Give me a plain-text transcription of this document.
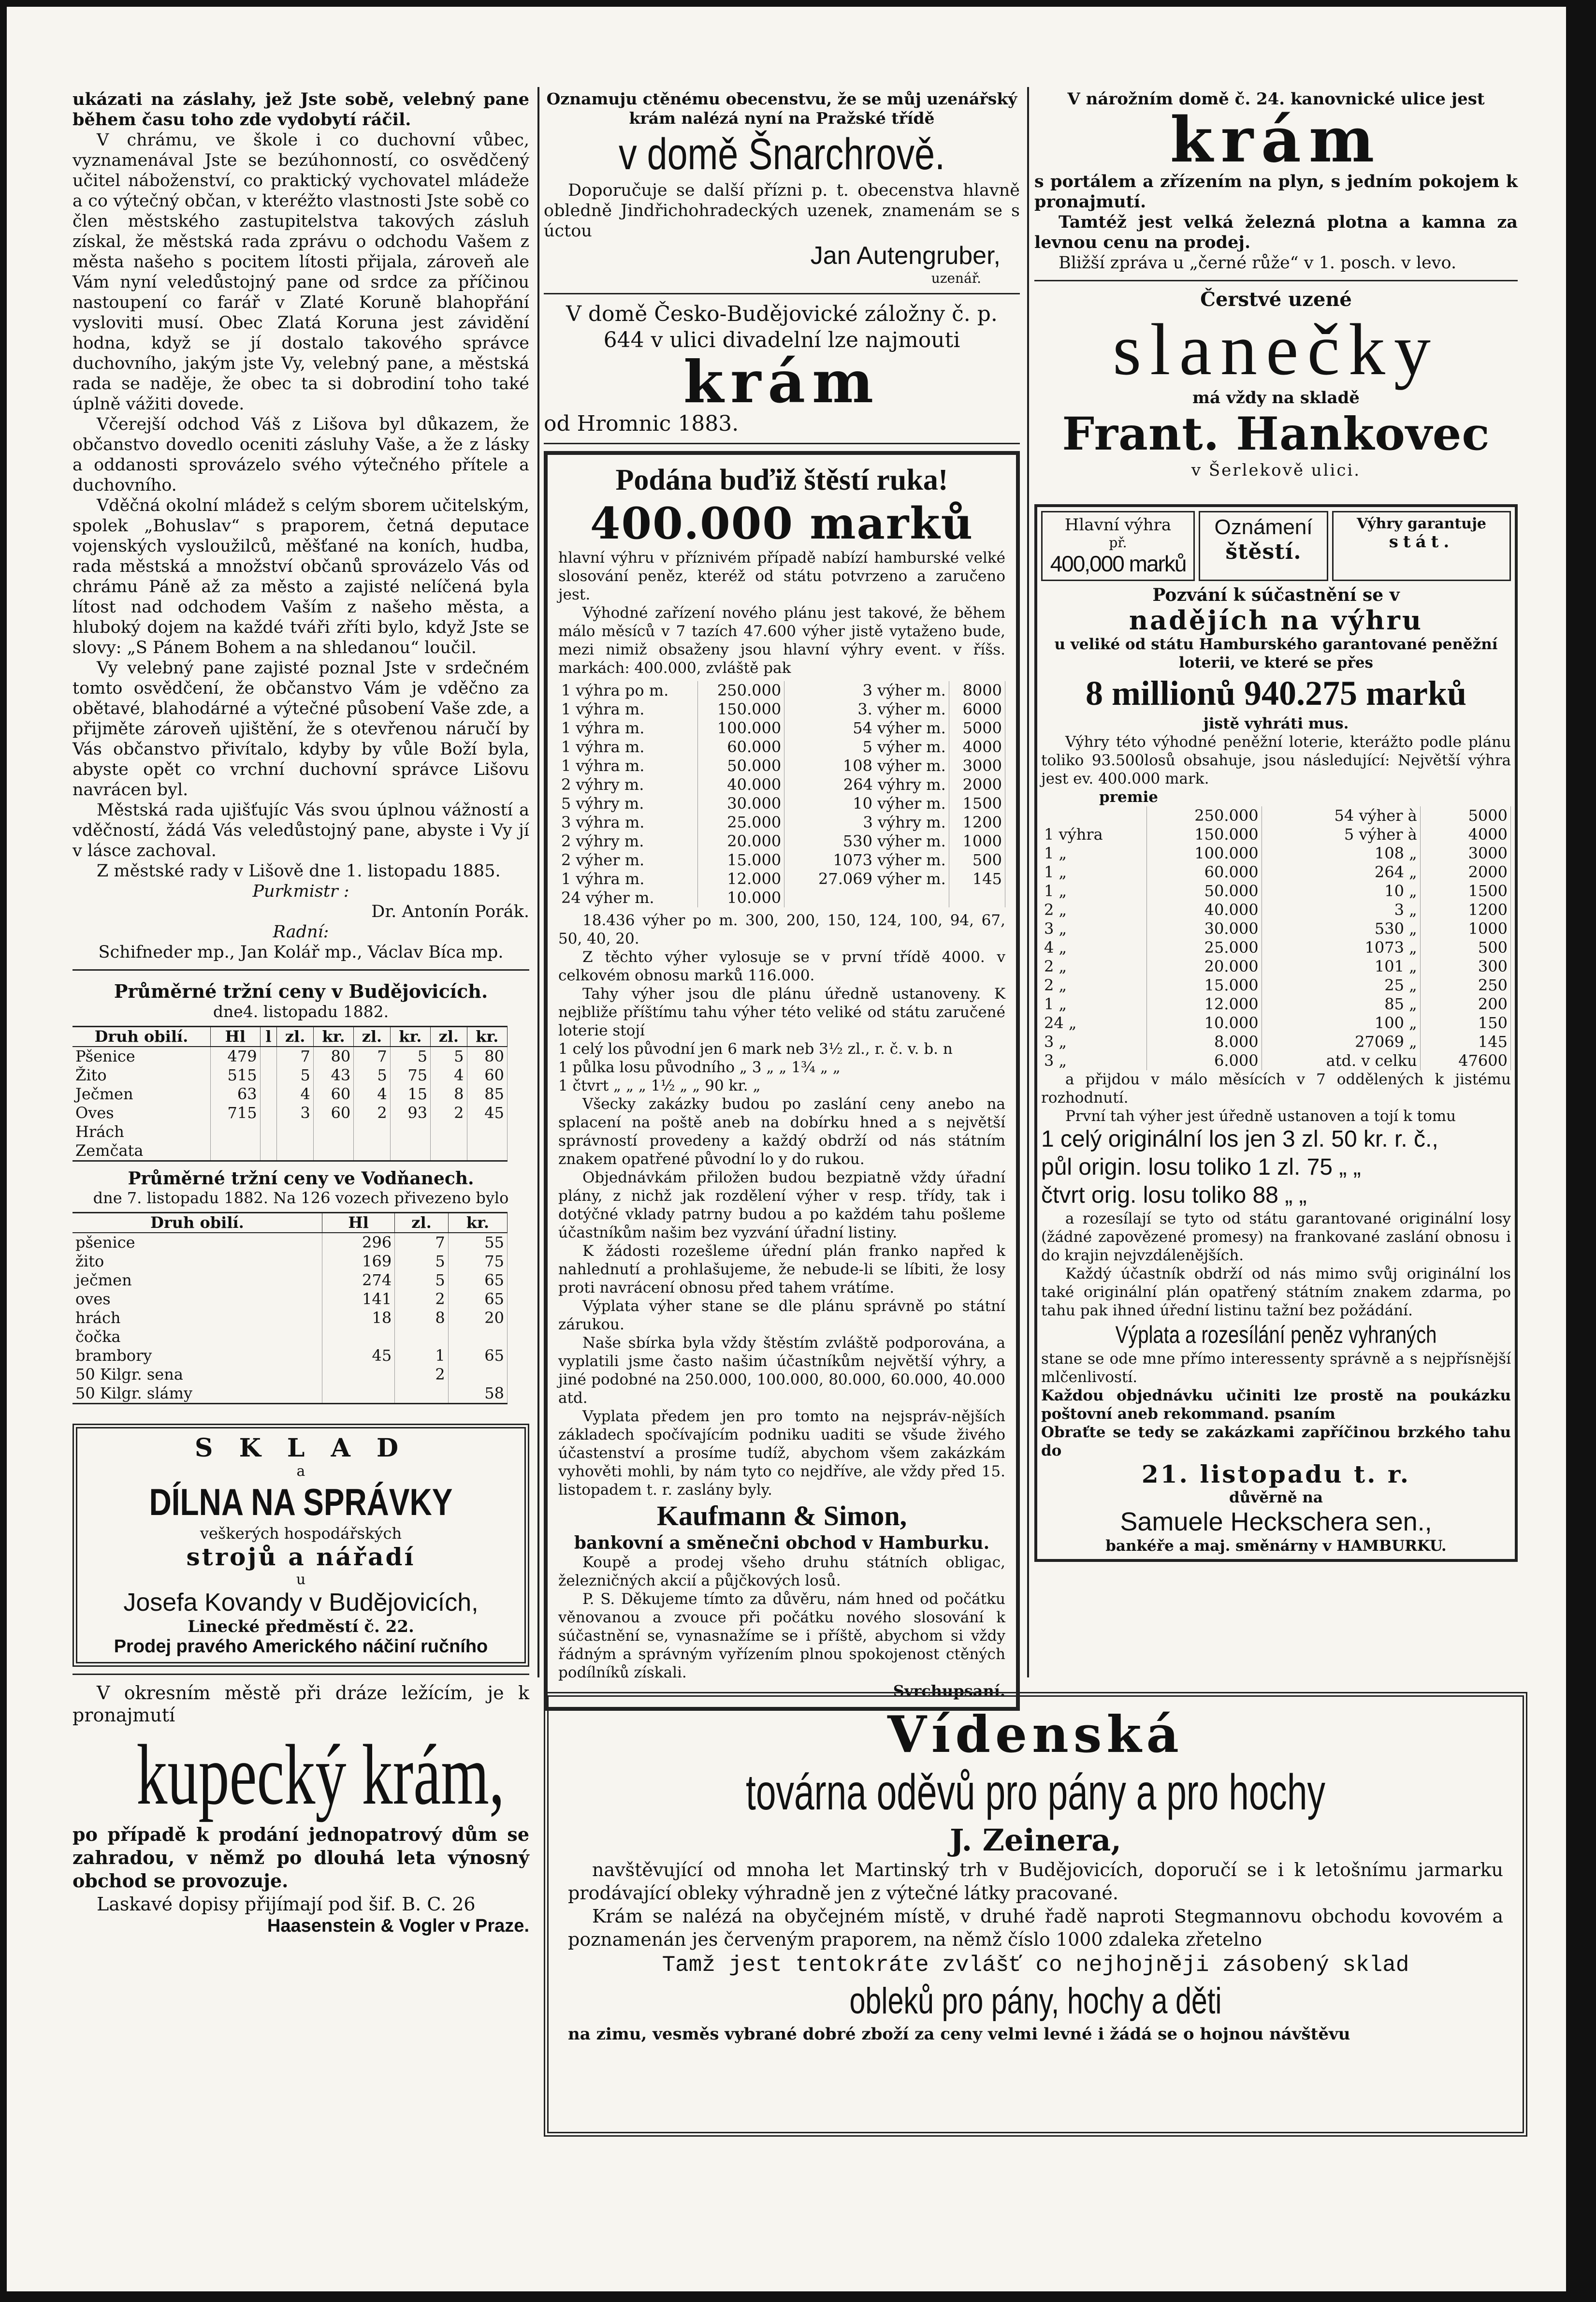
ukázati na záslahy, jež Jste sobě, velebný pane během času toho zde vydobytí ráčil.

V chrámu, ve škole i co duchovní vůbec, vyznamenával Jste se bezúhonností, co osvědčený učitel náboženství, co praktický vychovatel mládeže a co výtečný občan, v kteréžto vlastnosti Jste sobě co člen městského zastupitelstva takových zásluh získal, že městská rada zprávu o odchodu Vašem z města našeho s pocitem lítosti přijala, zároveň ale Vám nyní veledůstojný pane od srdce za příčinou nastoupení co farář v Zlaté Koruně blahopřání vysloviti musí. Obec Zlatá Koruna jest závidění hodna, když se jí dostalo takového správce duchovního, jakým jste Vy, velebný pane, a městská rada se naděje, že obec ta si dobrodiní toho také úplně vážiti dovede.

Včerejší odchod Váš z Lišova byl důkazem, že občanstvo dovedlo oceniti zásluhy Vaše, a že z lásky a oddanosti sprovázelo svého výtečného přítele a duchovního.

Vděčná okolní mládež s celým sborem učitelským, spolek „Bohuslav“ s praporem, četná deputace vojenských vysloužilců, měšťané na koních, hudba, rada městská a množství občanů sprovázelo Vás od chrámu Páně až za město a zajisté nelíčená byla lítost nad odchodem Vaším z našeho města, a hluboký dojem na každé tváři zříti bylo, když Jste se slovy: „S Pánem Bohem a na shledanou“ loučil.

Vy velebný pane zajisté poznal Jste v srdečném tomto osvědčení, že občanstvo Vám je vděčno za obětavé, blahodárné a výtečné působení Vaše zde, a přijměte zároveň ujištění, že s otevřenou náručí by Vás občanstvo přivítalo, kdyby by vůle Boží byla, abyste opět co vrchní duchovní správce Lišovu navrácen byl.

Městská rada ujišťujíc Vás svou úplnou vážností a vděčností, žádá Vás veledůstojný pane, abyste i Vy jí v lásce zachoval.

Z městské rady v Lišově dne 1. listopadu 1885.

Purkmistr :

Dr. Antonín Porák.

Radní:

Schifneder mp., Jan Kolář mp., Václav Bíca mp.

Průměrné tržní ceny v Budějovicích.

dne4. listopadu 1882.

Druh obilí.	Hl	l	zl.	kr.	zl.	kr.	zl.	kr.
Pšenice	479		7	80	7	5	5	80
Žito	515		5	43	5	75	4	60
Ječmen	63		4	60	4	15	8	85
Oves	715		3	60	2	93	2	45
Hrách								
Zemčata								

Průměrné tržní ceny ve Vodňanech.

dne 7. listopadu 1882. Na 126 vozech přivezeno bylo

Druh obilí.	Hl	zl.	kr.
pšenice	296	7	55
žito	169	5	75
ječmen	274	5	65
oves	141	2	65
hrách	18	8	20
čočka			
brambory	45	1	65
50 Kilgr. sena		2	
50 Kilgr. slámy			58

S K L A D

a

DÍLNA NA SPRÁVKY

veškerých hospodářských

strojů a nářadí

u

Josefa Kovandy v Budějovicích,

Linecké předměstí č. 22.

Prodej pravého Amerického náčiní ručního

V okresním městě při dráze ležícím, je k pronajmutí

kupecký krám,

po případě k prodání jednopatrový dům se zahradou, v němž po dlouhá leta výnosný obchod se provozuje.

Laskavé dopisy přijímají pod šif. B. C. 26

Haasenstein & Vogler v Praze.

Oznamuju ctěnému obecenstvu, že se můj uzenářský krám nalézá nyní na Pražské třídě

v domě Šnarchrově.

Doporučuje se další přízni p. t. obecenstva hlavně obledně Jindřichohradeckých uzenek, znamenám se s úctou

Jan Autengruber,

uzenář.

V domě Česko-Budějovické záložny č. p. 644 v ulici divadelní lze najmouti

krám

od Hromnic 1883.

Podána buďiž štěstí ruka!

400.000 marků

hlavní výhru v příznivém případě nabízí hamburské velké slosování peněz, kteréž od státu potvrzeno a zaručeno jest.

Výhodné zařízení nového plánu jest takové, že během málo měsíců v 7 tazích 47.600 výher jistě vytaženo bude, mezi nimiž obsaženy jsou hlavní výhry event. v říšs. markách: 400.000, zvláště pak

1 výhra po m.	250.000	3 výher m.	8000
1 výhra m.	150.000	3. výher m.	6000
1 výhra m.	100.000	54 výher m.	5000
1 výhra m.	60.000	5 výher m.	4000
1 výhra m.	50.000	108 výher m.	3000
2 výhry m.	40.000	264 výhry m.	2000
5 výhry m.	30.000	10 výher m.	1500
3 výhra m.	25.000	3 výhry m.	1200
2 výhry m.	20.000	530 výher m.	1000
2 výher m.	15.000	1073 výher m.	500
1 výhra m.	12.000	27.069 výher m.	145
24 výher m.	10.000		

18.436 výher po m. 300, 200, 150, 124, 100, 94, 67, 50, 40, 20.

Z těchto výher vylosuje se v první třídě 4000. v celkovém obnosu marků 116.000.

Tahy výher jsou dle plánu úředně ustanoveny. K nejbliže příštímu tahu výher této veliké od státu zaručené loterie stojí

1 celý los původní jen 6 mark neb 3½ zl., r. č. v. b. n

1 půlka losu původního „ 3 „ „ 1¾ „ „

1 čtvrt „ „ „ 1½ „ „ 90 kr. „

Všecky zakázky budou po zaslání ceny anebo na splacení na poště aneb na dobírku hned a s největší správností provedeny a každý obdrží od nás státním znakem opatřené původní lo y do rukou.

Objednávkám přiložen budou bezpiatně vždy úřadní plány, z nichž jak rozdělení výher v resp. třídy, tak i dotýčné vklady patrny budou a po každém tahu pošleme účastníkům našim bez vyzvání úřadní listiny.

K žádosti rozešleme úřední plán franko napřed k nahlednutí a prohlašujeme, že nebude-li se líbiti, že losy proti navrácení obnosu před tahem vrátíme.

Výplata výher stane se dle plánu správně po státní zárukou.

Naše sbírka byla vždy štěstím zvláště podporována, a vyplatili jsme často našim účastníkům největší výhry, a jiné podobné na 250.000, 100.000, 80.000, 60.000, 40.000 atd.

Vyplata předem jen pro tomto na nejspráv-nějších základech spočívajícím podniku uaditi se všude živého účastenství a prosíme tudíž, abychom všem zakázkám vyhověti mohli, by nám tyto co nejdříve, ale vždy před 15. listopadem t. r. zaslány byly.

Kaufmann & Simon,

bankovní a směnečni obchod v Hamburku.

Koupě a prodej všeho druhu státních obligac, železničných akcií a půjčkových losů.

P. S. Děkujeme tímto za důvěru, nám hned od počátku věnovanou a zvouce při počátku nového slosování k súčastnění se, vynasnažíme se i příště, abychom si vždy řádným a správným vyřízením plnou spokojenost ctěných podílníků získali.

Svrchupsaní.

V nárožním domě č. 24. kanovnické ulice jest

krám

s portálem a zřízením na plyn, s jedním pokojem k pronajmutí.

Tamtéž jest velká železná plotna a kamna za levnou cenu na prodej.

Bližší zpráva u „černé růže“ v 1. posch. v levo.

Čerstvé uzené

slanečky

má vždy na skladě

Frant. Hankovec

v Šerlekově ulici.

Hlavní výhra

př.

400,000 marků

Oznámení

štěstí.

Výhry garantuje

stát.

Pozvání k súčastnění se v

nadějích na výhru

u veliké od státu Hamburského garantované peněžní loterii, ve které se přes

8 millionů 940.275 marků

jistě vyhráti mus.

Výhry této výhodné peněžní loterie, kterážto podle plánu toliko 93.500losů obsahuje, jsou následující: Největší výhra jest ev. 400.000 mark.

premie

	250.000	54 výher à	5000
1 výhra	150.000	5 výher à	4000
1 „	100.000	108 „	3000
1 „	60.000	264 „	2000
1 „	50.000	10 „	1500
2 „	40.000	3 „	1200
3 „	30.000	530 „	1000
4 „	25.000	1073 „	500
2 „	20.000	101 „	300
2 „	15.000	25 „	250
1 „	12.000	85 „	200
24 „	10.000	100 „	150
3 „	8.000	27069 „	145
3 „	6.000	atd. v celku	47600

a přijdou v málo měsících v 7 oddělených k jistému rozhodnutí.

První tah výher jest úředně ustanoven a tojí k tomu

1 celý originální los jen 3 zl. 50 kr. r. č.,

půl origin. losu toliko 1 zl. 75 „ „

čtvrt orig. losu toliko 88 „ „

a rozesílají se tyto od státu garantované originální losy (žádné zapovězené promesy) na frankované zaslání obnosu i do krajin nejvzdálenějších.

Každý účastník obdrží od nás mimo svůj originální los také originální plán opatřený státním znakem zdarma, po tahu pak ihned úřední listinu tažní bez požádání.

Výplata a rozesílání peněz vyhraných

stane se ode mne přímo interessenty správně a s nejpřísnější mlčenlivostí.

Každou objednávku učiniti lze prostě na poukázku poštovní aneb rekommand. psaním

Obraťte se tedy se zakázkami zapříčinou brzkého tahu do

21. listopadu t. r.

důvěrně na

Samuele Heckschera sen.,

bankéře a maj. směnárny v HAMBURKU.

Vídenská

továrna oděvů pro pány a pro hochy

J. Zeinera,

navštěvující od mnoha let Martinský trh v Budějovicích, doporučí se i k letošnímu jarmarku prodávající obleky výhradně jen z výtečné látky pracované.

Krám se nalézá na obyčejném místě, v druhé řadě naproti Stegmannovu obchodu kovovém a poznamenán jes červeným praporem, na němž číslo 1000 zdaleka zřetelno

Tamž jest tentokráte zvlášť co nejhojněji zásobený sklad

obleků pro pány, hochy a děti

na zimu, vesměs vybrané dobré zboží za ceny velmi levné i žádá se o hojnou návštěvu
